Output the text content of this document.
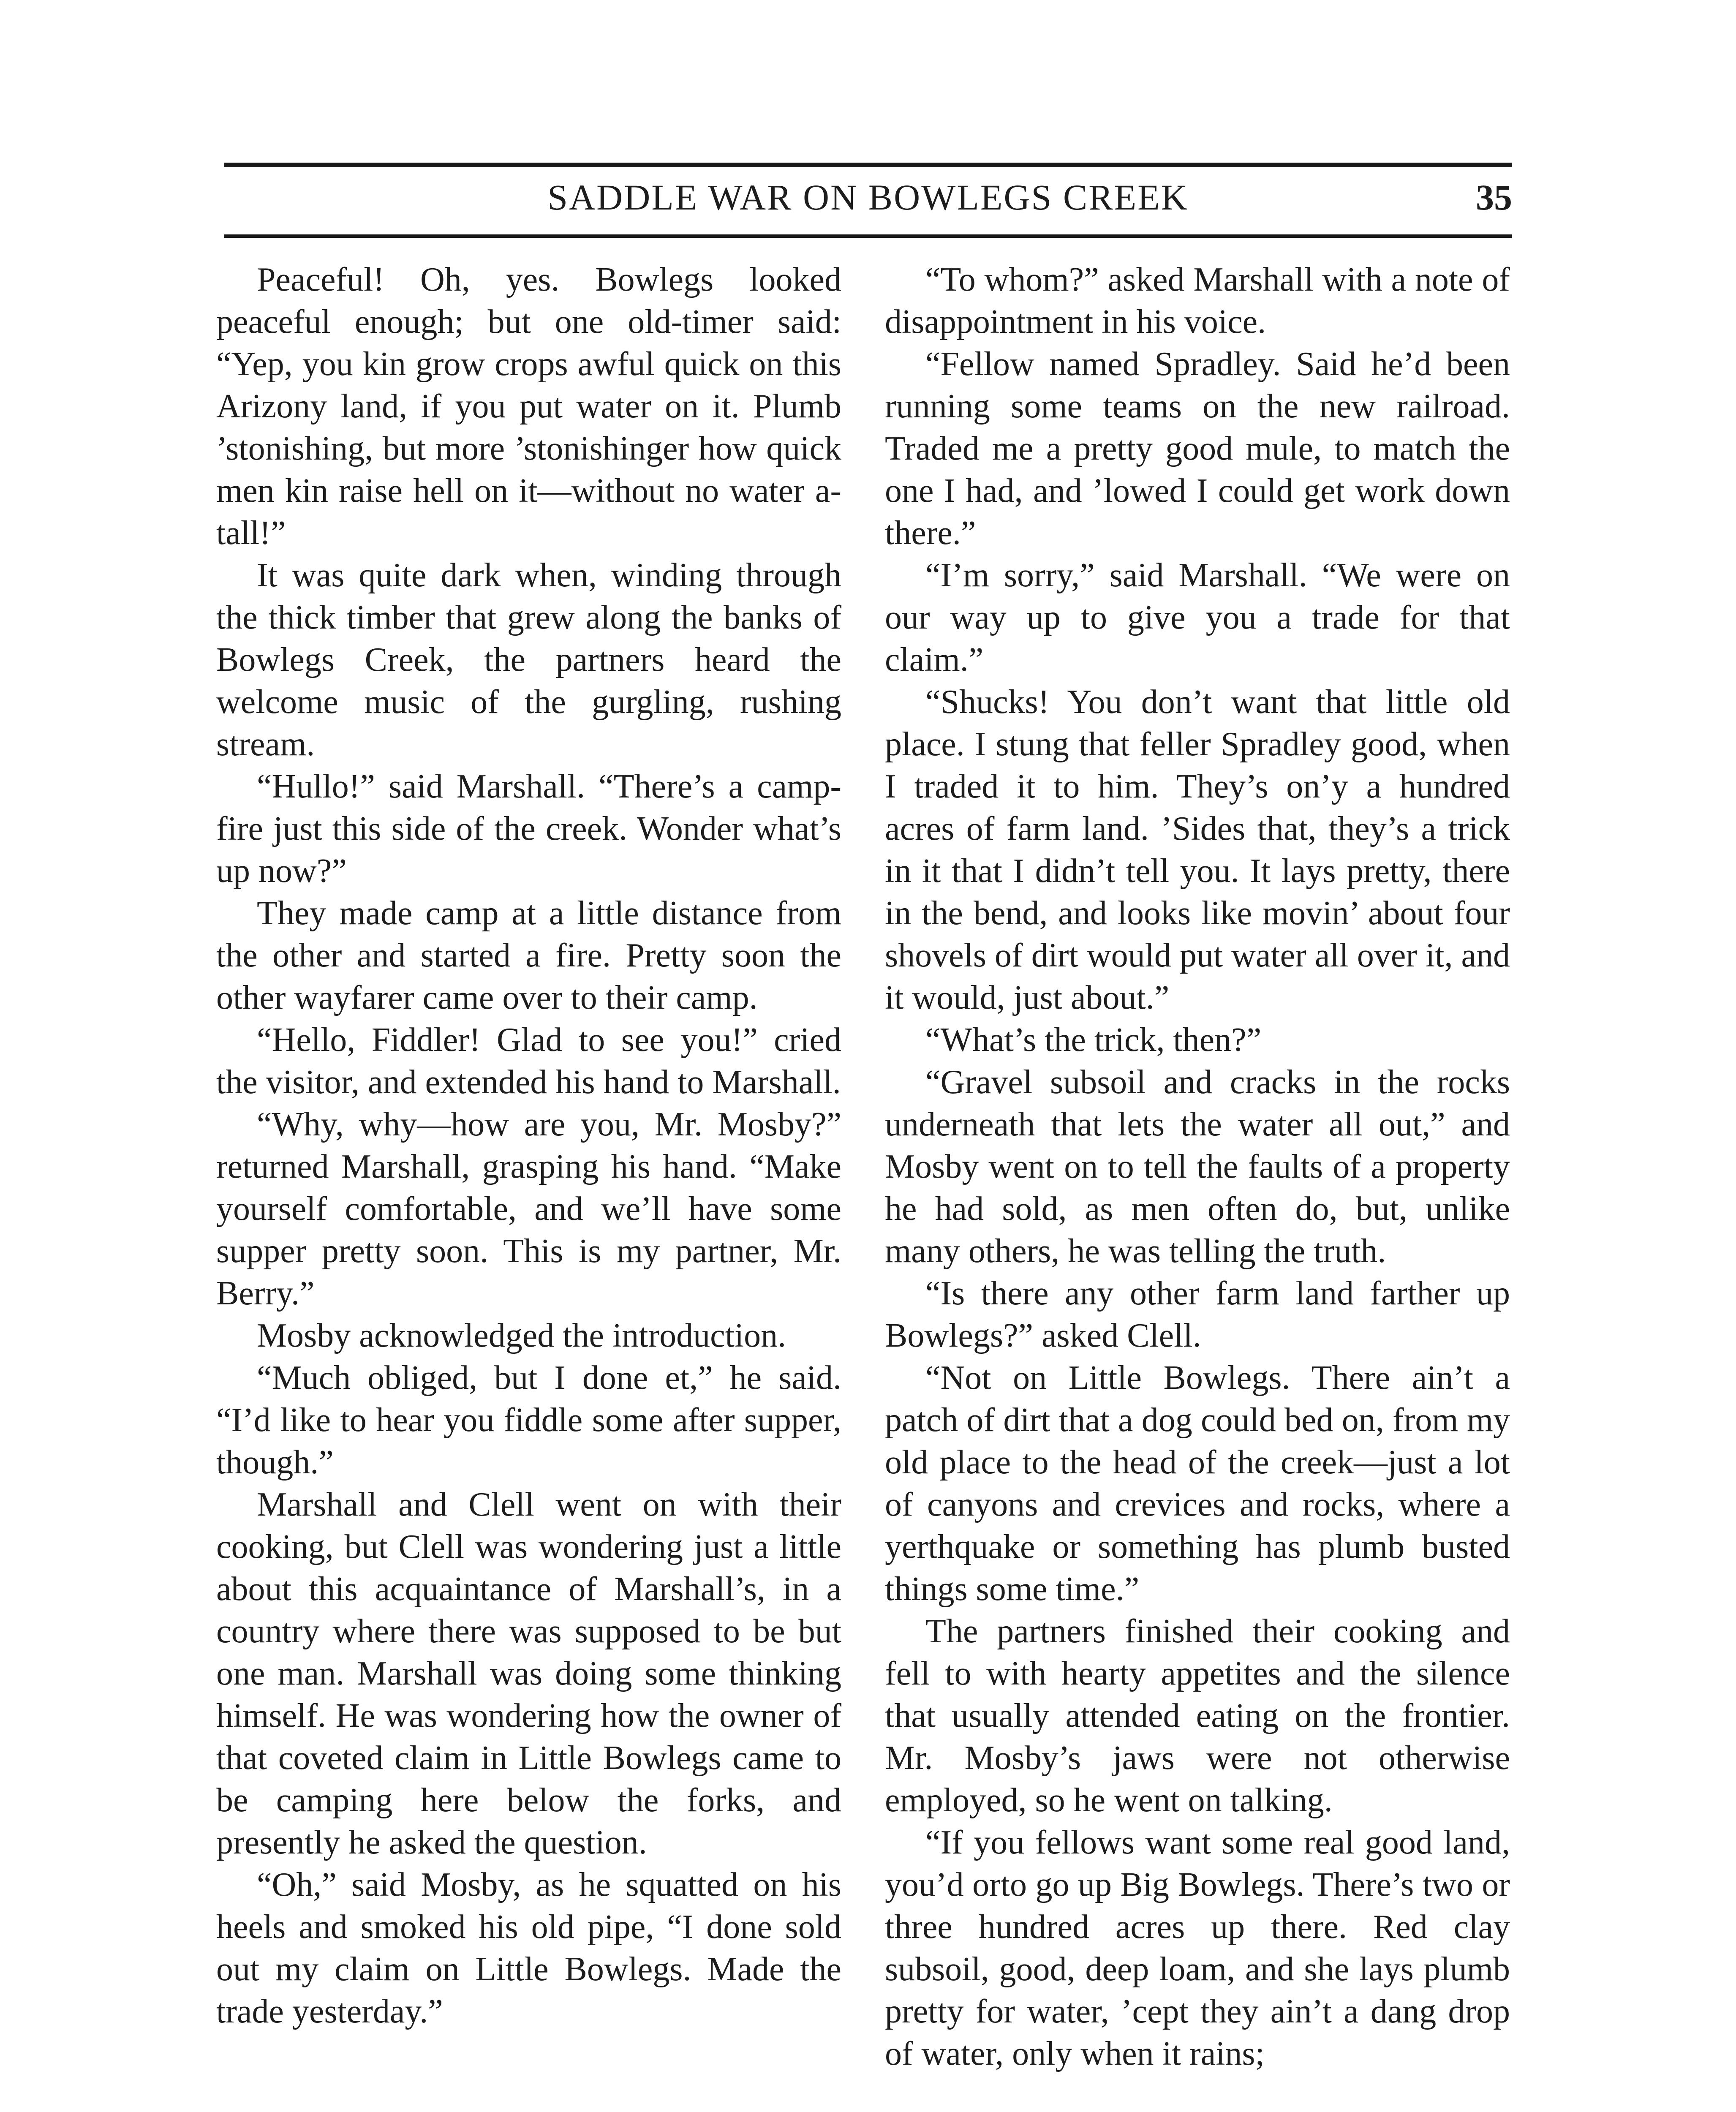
SADDLE WAR ON BOWLEGS CREEK	35

Peaceful! Oh, yes. Bowlegs looked peaceful enough; but one old-timer said: “Yep, you kin grow crops awful quick on this Arizony land, if you put water on it. Plumb ’stonishing, but more ’stonishinger how quick men kin raise hell on it—without no water a-tall!”

It was quite dark when, winding through the thick timber that grew along the banks of Bowlegs Creek, the partners heard the welcome music of the gurgling, rushing stream.

“Hullo!” said Marshall. “There’s a camp-fire just this side of the creek. Wonder what’s up now?”

They made camp at a little distance from the other and started a fire. Pretty soon the other wayfarer came over to their camp.

“Hello, Fiddler! Glad to see you!” cried the visitor, and extended his hand to Marshall.

“Why, why—how are you, Mr. Mosby?” returned Marshall, grasping his hand. “Make yourself comfortable, and we’ll have some supper pretty soon. This is my partner, Mr. Berry.”

Mosby acknowledged the introduction.

“Much obliged, but I done et,” he said. “I’d like to hear you fiddle some after supper, though.”

Marshall and Clell went on with their cooking, but Clell was wondering just a little about this acquaintance of Marshall’s, in a country where there was supposed to be but one man. Marshall was doing some thinking himself. He was wondering how the owner of that coveted claim in Little Bowlegs came to be camping here below the forks, and presently he asked the question.

“Oh,” said Mosby, as he squatted on his heels and smoked his old pipe, “I done sold out my claim on Little Bowlegs. Made the trade yesterday.”

“To whom?” asked Marshall with a note of disappointment in his voice.

“Fellow named Spradley. Said he’d been running some teams on the new railroad. Traded me a pretty good mule, to match the one I had, and ’lowed I could get work down there.”

“I’m sorry,” said Marshall. “We were on our way up to give you a trade for that claim.”

“Shucks! You don’t want that little old place. I stung that feller Spradley good, when I traded it to him. They’s on’y a hundred acres of farm land. ’Sides that, they’s a trick in it that I didn’t tell you. It lays pretty, there in the bend, and looks like movin’ about four shovels of dirt would put water all over it, and it would, just about.”

“What’s the trick, then?”

“Gravel subsoil and cracks in the rocks underneath that lets the water all out,” and Mosby went on to tell the faults of a property he had sold, as men often do, but, unlike many others, he was telling the truth.

“Is there any other farm land farther up Bowlegs?” asked Clell.

“Not on Little Bowlegs. There ain’t a patch of dirt that a dog could bed on, from my old place to the head of the creek—just a lot of canyons and crevices and rocks, where a yerthquake or something has plumb busted things some time.”

The partners finished their cooking and fell to with hearty appetites and the silence that usually attended eating on the frontier. Mr. Mosby’s jaws were not otherwise employed, so he went on talking.

“If you fellows want some real good land, you’d orto go up Big Bowlegs. There’s two or three hundred acres up there. Red clay subsoil, good, deep loam, and she lays plumb pretty for water, ’cept they ain’t a dang drop of water, only when it rains;
